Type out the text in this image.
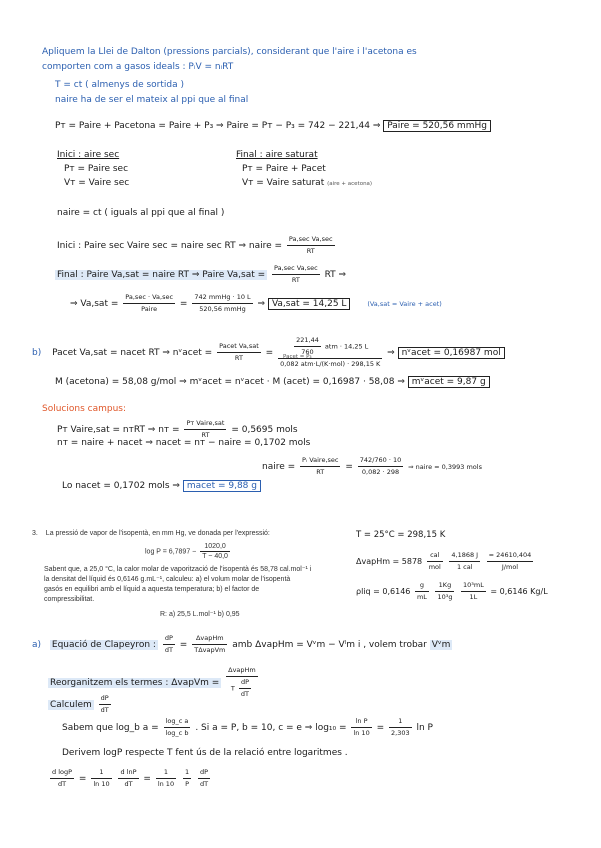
Apliquem la Llei de Dalton (pressions parcials), considerant que l'aire i l'acetona es
comporten com a gasos ideals : PᵢV = nᵢRT
T = ct ( almenys de sortida )
naire ha de ser el mateix al ppi que al final
Pᴛ = Paire + Pacetona = Paire + P₃ ⇒ Paire = Pᴛ − P₃ = 742 − 221,44 ⇒ Paire = 520,56 mmHg
Inici : aire sec
Pᴛ = Paire sec
Vᴛ = Vaire sec
Final : aire saturat
Pᴛ = Paire + Pacet
Vᴛ = Vaire saturat (aire + acetona)
naire = ct ( iguals al ppi que al final )
Inici : Paire sec Vaire sec = naire sec RT ⇒ naire = $\frac{\text{Pa,sec Va,sec}}{RT}$
Final : Paire Va,sat = naire RT ⇒ Paire $Va,sat = \frac{\text{Pa,sec Va,sec}}{RT}$ RT ⇒
⇒ $Va,sat = \frac{Pa,\sec \cdot Va,\sec}{\text{Paire}} = \frac{\text{742 mmHg · 10 L}}{\text{520,56 mmHg}}$ ⇒ Va,sat = 14,25 L	(Va,sat = Vaire + acet)
b) Pacet Va,sat = nacet RT ⇒ nᵛacet = $\frac{\text{Pacet Va,sat}}{RT} = \frac{\frac{221,44}{760} atm \cdot 14,25 L}{\text{0,082 atm·L/(K·mol) · 298,15 K}}$ ⇒ nᵛacet = 0,16987 mol
Pacet = P₃
M (acetona) = 58,08 g/mol ⇒ mᵛacet = nᵛacet · M (acet) = 0,16987 · 58,08 ⇒ mᵛacet = 9,87 g
Solucions campus:
Pᴛ Vaire,sat = nᴛRT ⇒ nᴛ = $\frac{\text{Pᴛ Vaire,sat}}{RT} = 0,5695$ mols
nᴛ = naire + nacet ⇒ nacet = nᴛ − naire = 0,1702 mols
naire = $\frac{\text{Pᵢ Vaire,sec}}{RT} = \frac{742/760 \cdot 10}{0,082 \cdot 298}$ ⇒ naire = 0,3993 mols
Lo nacet = 0,1702 mols ⇒ macet = 9,88 g
3. La pressió de vapor de l'isopentà, en mm Hg, ve donada per l'expressió:
$\log P = 6,7897 - \frac{1020,0}{T - 40,0}$
Sabent que, a 25,0 °C, la calor molar de vaporització de l'isopentà és 58,78 cal.mol⁻¹ i
la densitat del líquid és 0,6146 g.mL⁻¹, calculeu: a) el volum molar de l'isopentà
gasós en equilibri amb el líquid a aquesta temperatura; b) el factor de
compressibilitat.
R: a) 25,5 L.mol⁻¹ b) 0,95
T = 25°C = 298,15 K
ΔvapHm = $5878 \frac{\text{cal}}{\text{mol}}$
$\frac{4,1868 J}{\text{1 cal}}$
$\frac{= 24610,404}{\text{J/mol}}$
$\rho liq = 0,6146 \frac{g}{mL}$
$\frac{1Kg}{\text{10³g}}$
$\frac{\text{10³mL}}{1L} = 0,6146$ Kg/L
a) Equació de Clapeyron : $\frac{dP}{dT} = \frac{\text{ΔvapHm}}{\text{TΔvapVm}}$ amb ΔvapHm = Vᵛm − Vˡm i , volem trobar Vᵛm
Reorganitzem els termes : ΔvapVm = $\frac{\text{ΔvapHm}}{T \frac{dP}{dT}}$
Calculem $\frac{dP}{dT}$
Sabem que log_b $a = \frac{\text{log\_c a}}{\text{log\_c b}}$ . Si a = P, b = 10, c = e ⇒ $\log_{10} = \frac{\text{ln P}}{\ln 10} = \frac{1}{2,303}$ ln P
Derivem logP respecte T fent ús de la relació entre logaritmes .
$\frac{\text{d logP}}{dT} = \frac{1}{\ln 10}$
$\frac{\text{d lnP}}{dT} = \frac{1}{\ln 10}$
$\frac{1}{P}$
$\frac{dP}{dT}$
